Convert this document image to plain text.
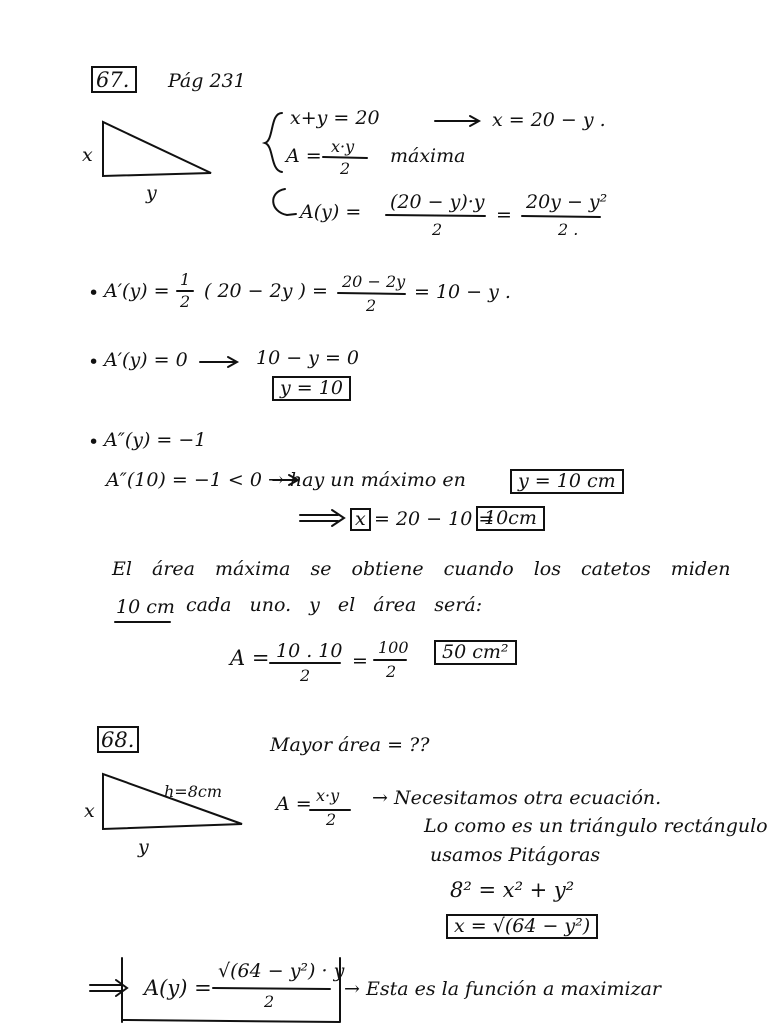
67. Pág 231
x
y
x+y = 20	x = 20 − y .
A = x·y
2
máxima
A(y) = (20 − y)·y
2
=
20y − y²
2 .
• A′(y) =
1
2 ( 20 − 2y ) = 20 − 2y
2
= 10 − y .
• A′(y) = 0	10 − y = 0
y = 10
• A″(y) = −1
A″(10) = −1 < 0 → hay un máximo en	y = 10 cm
x = 20 − 10 =
10cm
El área máxima se obtiene cuando los catetos miden
10 cm cada uno. y el área será:
A = 10 . 10
2
=
100
2
50 cm²
68.	Mayor área = ??
x
y
h=8cm
A = x·y
2
→ Necesitamos otra ecuación.
Lo como es un triángulo rectángulo
usamos Pitágoras
8² = x² + y²
x = √(64 − y²)
A(y) =
√(64 − y²) · y
2
→ Esta es la función a maximizar
